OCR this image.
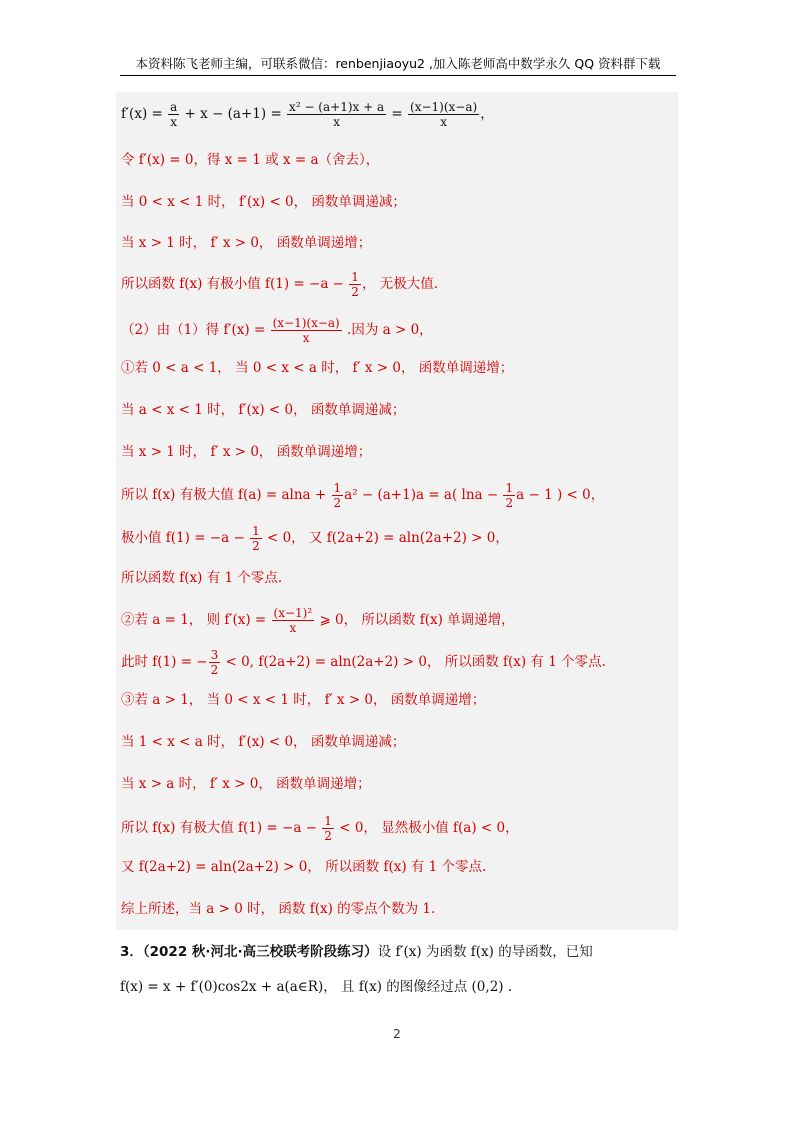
本资料陈飞老师主编，可联系微信：renbenjiaoyu2 ,加入陈老师高中数学永久 QQ 资料群下载
$f'(x) = \frac{a}{x} + x - (a+1) = \frac{\text{x² − (a+1)x + a}}{x} = \frac{(x-1)(x-a)}{x}$ ，
令 f′(x) = 0，得 x = 1 或 x = a（舍去），
当 0 < x < 1 时， f′(x) < 0， 函数单调递减；
当 x > 1 时， f′ x > 0， 函数单调递增；
所以函数 f(x) 有极小值 $f(1) = -a - \frac{1}{2}$ ， 无极大值.
（2）由（1）得 $f'(x) = \frac{(x-1)(x-a)}{x}$ .因为 a > 0，
①若 0 < a < 1， 当 0 < x < a 时， f′ x > 0， 函数单调递增；
当 a < x < 1 时， f′(x) < 0， 函数单调递减；
当 x > 1 时， f′ x > 0， 函数单调递增；
所以 f(x) 有极大值 $f(a) = alna + \frac{1}{2} a^2 - (a+1)a = a$( $\ln a - \frac{1}{2}$ a − 1 ) < 0，
极小值 $f(1) = -a - \frac{1}{2} < 0$， 又 f(2a+2) = aln(2a+2) > 0，
所以函数 f(x) 有 1 个零点.
②若 a = 1， 则 $f'(x) = \frac{\text{(x−1)²}}{x}$ ⩾ 0， 所以函数 f(x) 单调递增，
此时 f(1) = − $\frac{3}{2} < 0$, f(2a+2) = aln(2a+2) > 0， 所以函数 f(x) 有 1 个零点.
③若 a > 1， 当 0 < x < 1 时， f′ x > 0， 函数单调递增；
当 1 < x < a 时， f′(x) < 0， 函数单调递减；
当 x > a 时， f′ x > 0， 函数单调递增；
所以 f(x) 有极大值 $f(1) = -a - \frac{1}{2} < 0$， 显然极小值 f(a) < 0，
又 f(2a+2) = aln(2a+2) > 0， 所以函数 f(x) 有 1 个零点.
综上所述，当 a > 0 时， 函数 f(x) 的零点个数为 1.
3．（2022 秋·河北·高三校联考阶段练习）设 f′(x) 为函数 f(x) 的导函数，已知
f(x) = x + f′(0)cos2x + a(a∈R)， 且 f(x) 的图像经过点 (0,2) .
2
